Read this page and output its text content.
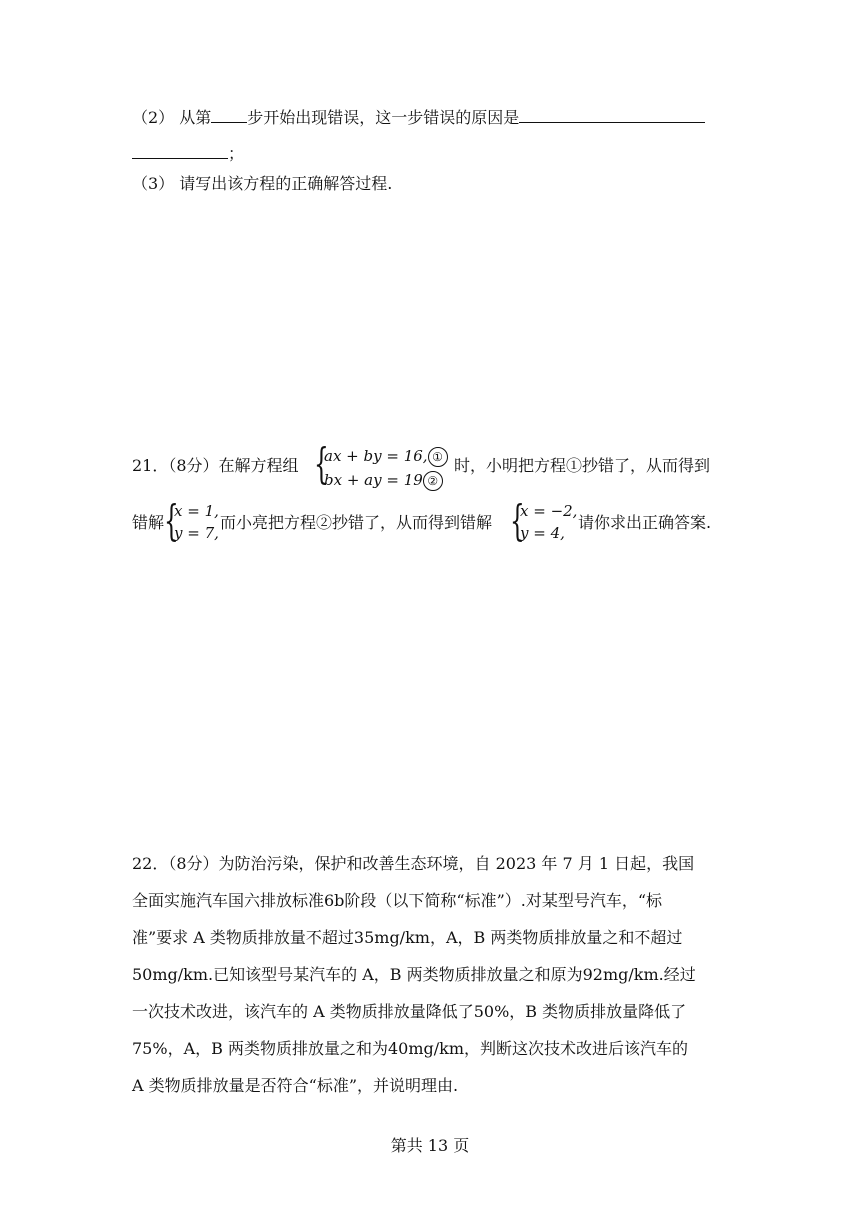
（2） 从第 步开始出现错误，这一步错误的原因是
；
（3） 请写出该方程的正确解答过程.
21．（8分）在解方程组 {
ax + by = 16, ①
bx + ay = 19 ②
时，小明把方程①抄错了，从而得到
错解 {
x = 1,
y = 7,
而小亮把方程②抄错了，从而得到错解 {
x = −2,
y = 4,
请你求出正确答案.
22．（8分）为防治污染，保护和改善生态环境，自 2023 年 7 月 1 日起，我国
全面实施汽车国六排放标准6b阶段（以下简称“标准”）.对某型号汽车，“标
准”要求 A 类物质排放量不超过35mg/km，A，B 两类物质排放量之和不超过
50mg/km.已知该型号某汽车的 A，B 两类物质排放量之和原为92mg/km.经过
一次技术改进，该汽车的 A 类物质排放量降低了50%，B 类物质排放量降低了
75%，A，B 两类物质排放量之和为40mg/km，判断这次技术改进后该汽车的
A 类物质排放量是否符合“标准”，并说明理由.
第共 13 页
